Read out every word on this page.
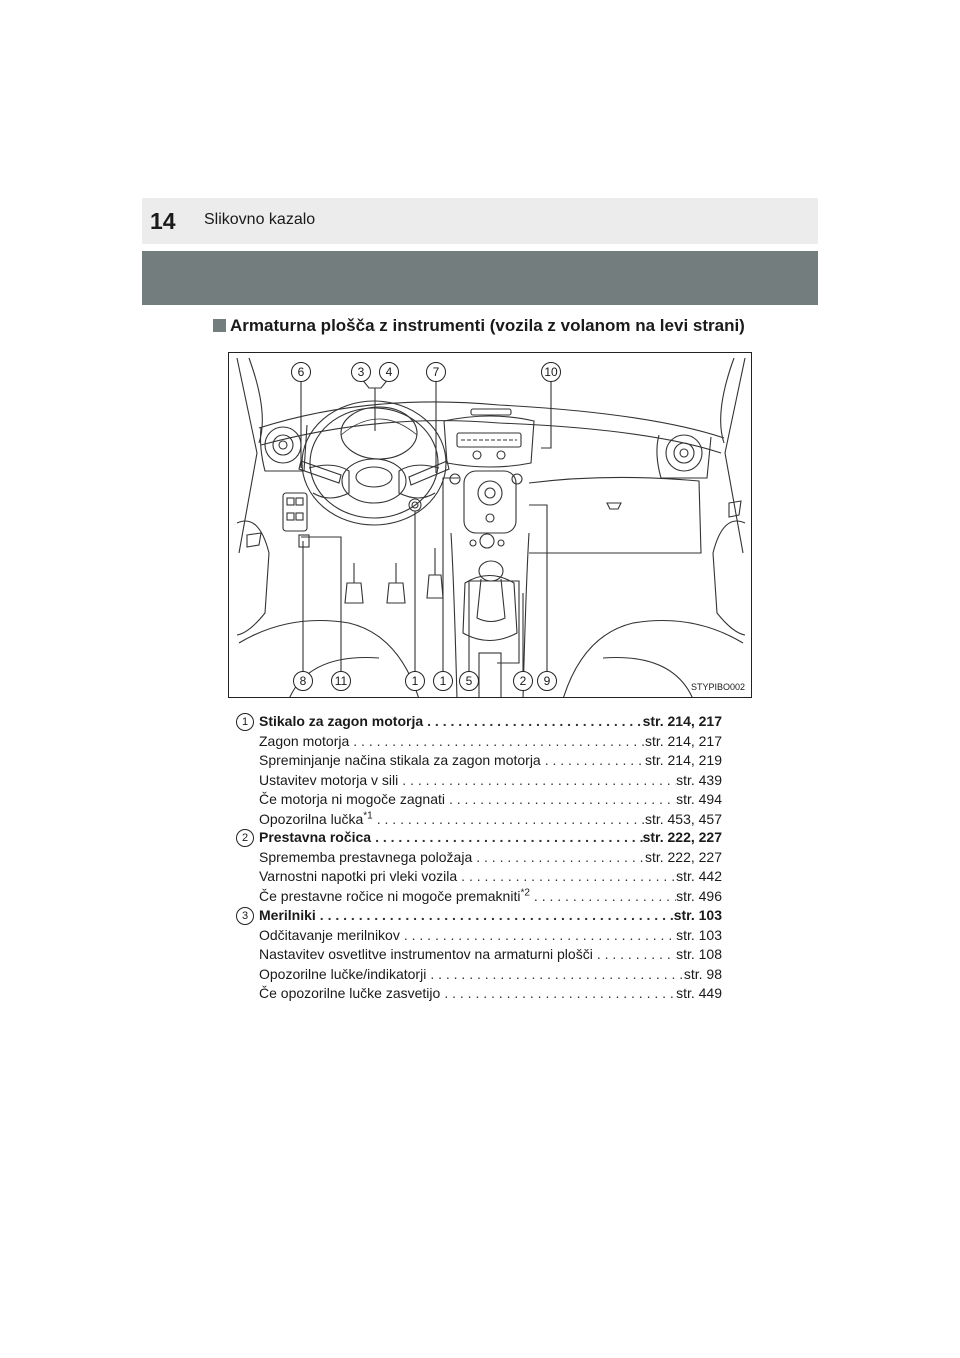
14 Slikovno kazalo
Armaturna plošča z instrumenti (vozila z volanom na levi strani)
6	3	4	7	10
8	11	1	1	5	2	9	STYPIBO002
1 Stikalo za zagon motorja . . .	str. 214, 217
Zagon motorja . . .	str. 214, 217
Spreminjanje načina stikala za zagon motorja . . .	str. 214, 219
Ustavitev motorja v sili . . .	str. 439
Če motorja ni mogoče zagnati . . .	str. 494
Opozorilna lučka$^{*1}$ . . .	str. 453, 457
2 Prestavna ročica . . .	str. 222, 227
Sprememba prestavnega položaja . . .	str. 222, 227
Varnostni napotki pri vleki vozila . . .	str. 442
Če prestavne ročice ni mogoče premakniti$^{*2}$ . . .	str. 496
3 Merilniki . . .	str. 103
Odčitavanje merilnikov . . .	str. 103
Nastavitev osvetlitve instrumentov na armaturni plošči . . .	str. 108
Opozorilne lučke/indikatorji . . .	str. 98
Če opozorilne lučke zasvetijo . . .	str. 449
